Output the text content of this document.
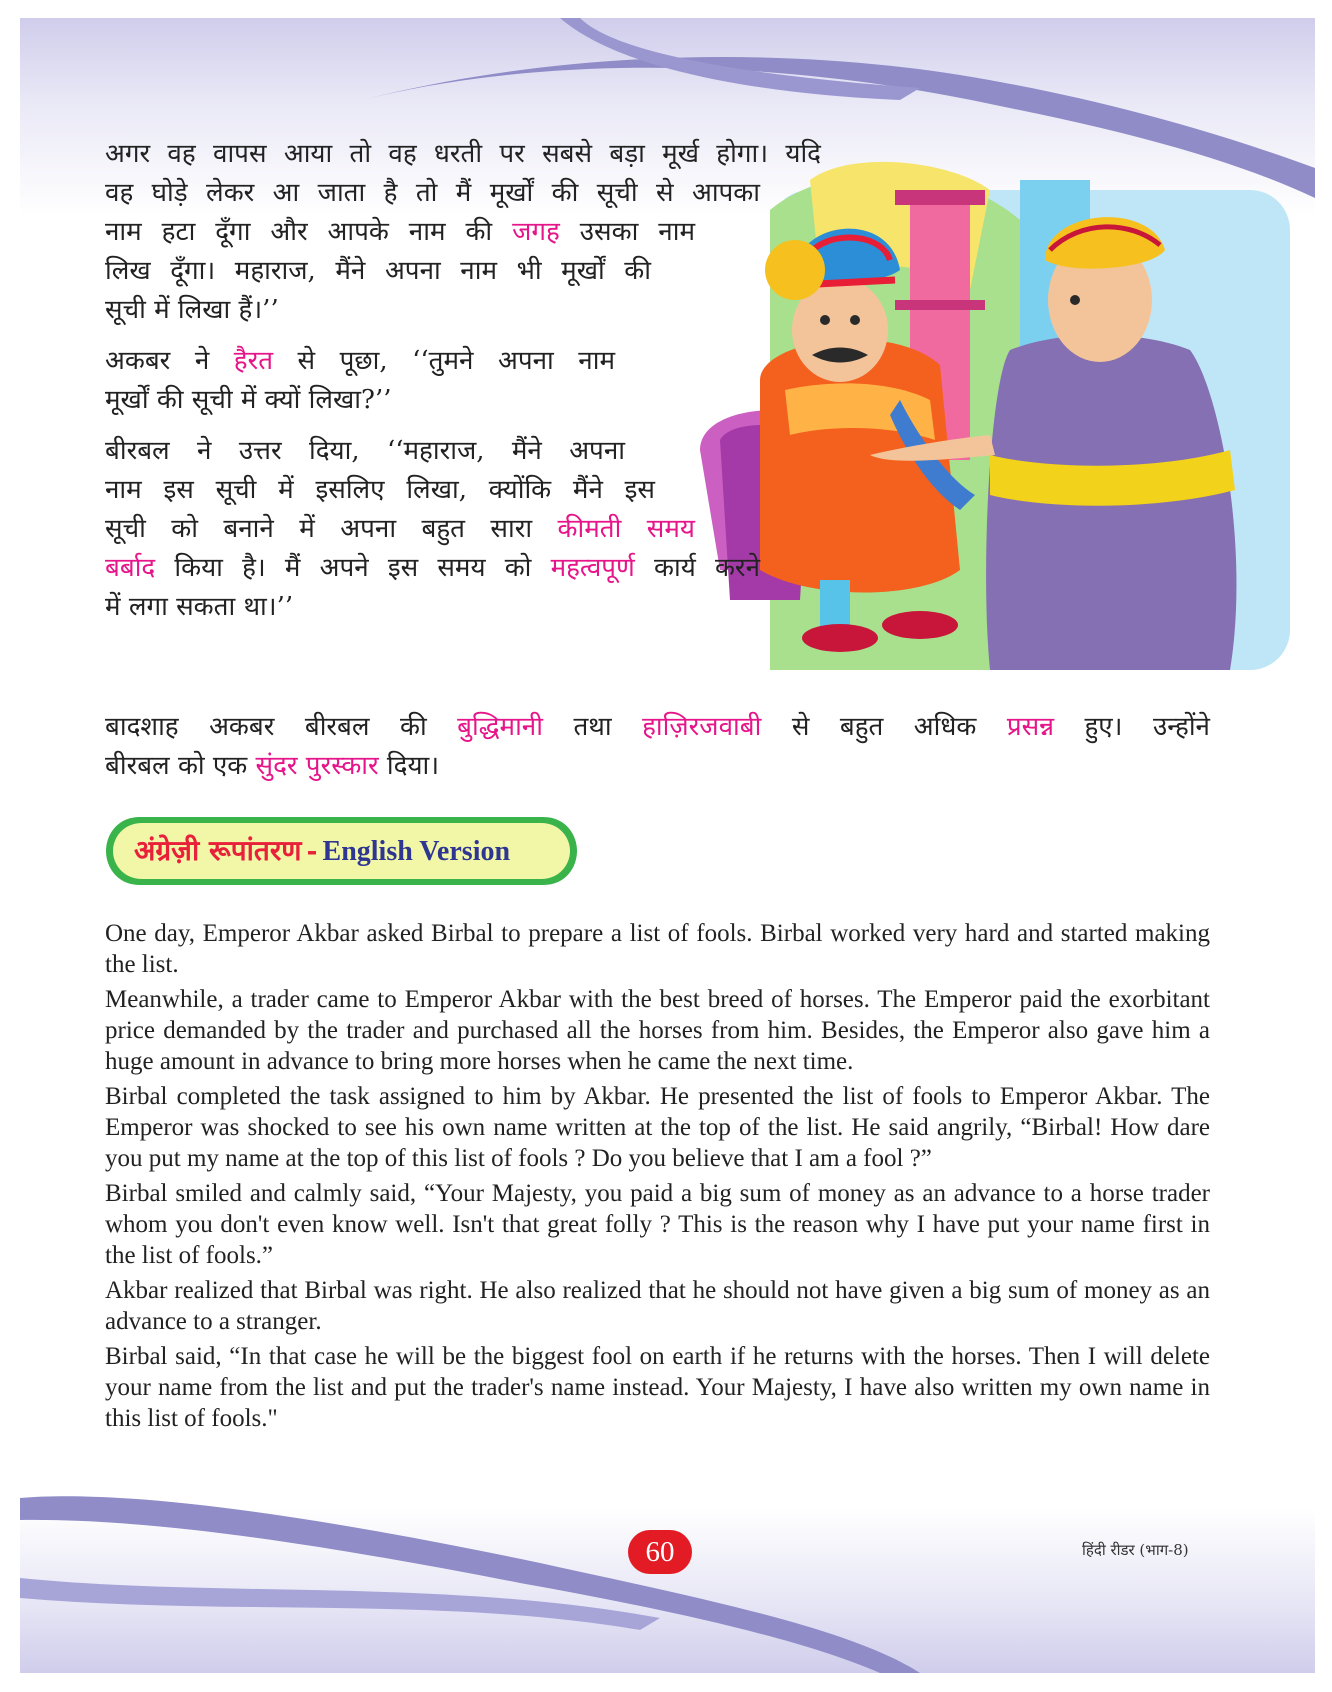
अगर वह वापस आया तो वह धरती पर सबसे बड़ा मूर्ख होगा। यदि

वह घोड़े लेकर आ जाता है तो मैं मूर्खों की सूची से आपका

नाम हटा दूँगा और आपके नाम की जगह उसका नाम

लिख दूँगा। महाराज, मैंने अपना नाम भी मूर्खों की

सूची में लिखा हैं।’’

अकबर ने हैरत से पूछा, ‘‘तुमने अपना नाम

मूर्खों की सूची में क्यों लिखा?’’

बीरबल ने उत्तर दिया, ‘‘महाराज, मैंने अपना

नाम इस सूची में इसलिए लिखा, क्योंकि मैंने इस

सूची को बनाने में अपना बहुत सारा कीमती समय

बर्बाद किया है। मैं अपने इस समय को महत्वपूर्ण कार्य करने

में लगा सकता था।’’

बादशाह अकबर बीरबल की बुद्धिमानी तथा हाज़िरजवाबी से बहुत अधिक प्रसन्न हुए। उन्होंने

बीरबल को एक सुंदर पुरस्कार दिया।

अंग्रेज़ी रूपांतरण - English Version

One day, Emperor Akbar asked Birbal to prepare a list of fools. Birbal worked very hard and started making the list.

Meanwhile, a trader came to Emperor Akbar with the best breed of horses. The Emperor paid the exorbitant price demanded by the trader and purchased all the horses from him. Besides, the Emperor also gave him a huge amount in advance to bring more horses when he came the next time.

Birbal completed the task assigned to him by Akbar. He presented the list of fools to Emperor Akbar. The Emperor was shocked to see his own name written at the top of the list. He said angrily, “Birbal! How dare you put my name at the top of this list of fools ? Do you believe that I am a fool ?”

Birbal smiled and calmly said, “Your Majesty, you paid a big sum of money as an advance to a horse trader whom you don't even know well. Isn't that great folly ? This is the reason why I have put your name first in the list of fools.”

Akbar realized that Birbal was right. He also realized that he should not have given a big sum of money as an advance to a stranger.

Birbal said, “In that case he will be the biggest fool on earth if he returns with the horses. Then I will delete your name from the list and put the trader's name instead. Your Majesty, I have also written my own name in this list of fools."

60	हिंदी रीडर (भाग-8)
